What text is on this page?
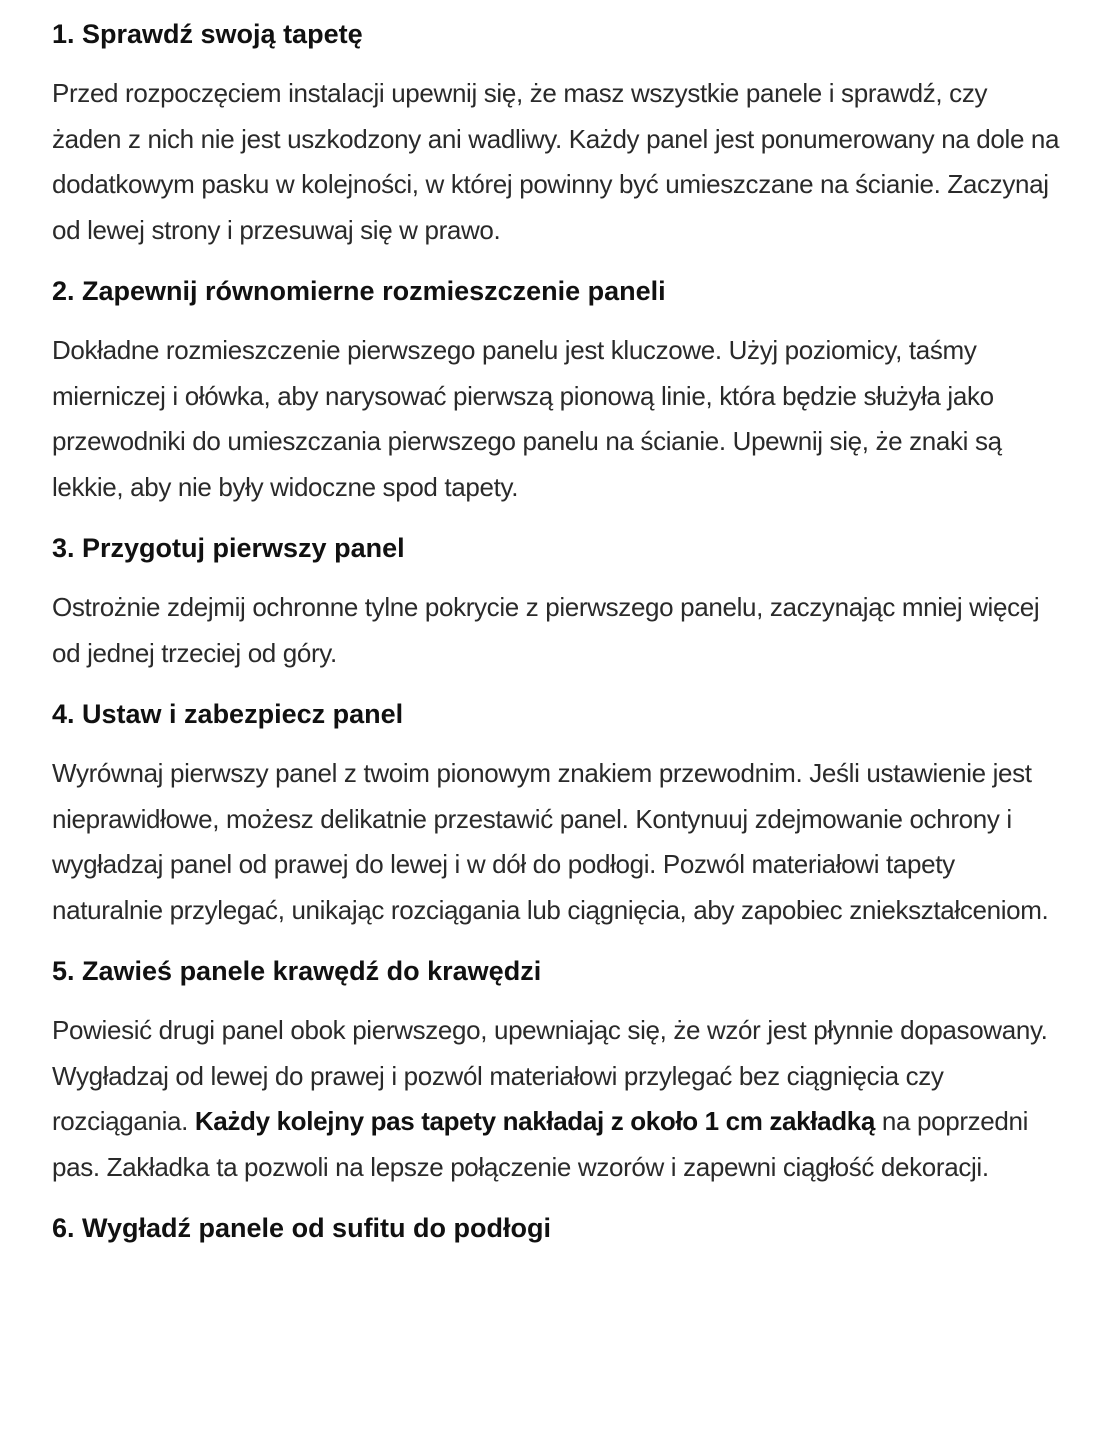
1. Sprawdź swoją tapetę

Przed rozpoczęciem instalacji upewnij się, że masz wszystkie panele i sprawdź, czy żaden z nich nie jest uszkodzony ani wadliwy. Każdy panel jest ponumerowany na dole na dodatkowym pasku w kolejności, w której powinny być umieszczane na ścianie. Zaczynaj od lewej strony i przesuwaj się w prawo.

2. Zapewnij równomierne rozmieszczenie paneli

Dokładne rozmieszczenie pierwszego panelu jest kluczowe. Użyj poziomicy, taśmy mierniczej i ołówka, aby narysować pierwszą pionową linie, która będzie służyła jako przewodniki do umieszczania pierwszego panelu na ścianie. Upewnij się, że znaki są lekkie, aby nie były widoczne spod tapety.

3. Przygotuj pierwszy panel

Ostrożnie zdejmij ochronne tylne pokrycie z pierwszego panelu, zaczynając mniej więcej od jednej trzeciej od góry.

4. Ustaw i zabezpiecz panel

Wyrównaj pierwszy panel z twoim pionowym znakiem przewodnim. Jeśli ustawienie jest nieprawidłowe, możesz delikatnie przestawić panel. Kontynuuj zdejmowanie ochrony i wygładzaj panel od prawej do lewej i w dół do podłogi. Pozwól materiałowi tapety naturalnie przylegać, unikając rozciągania lub ciągnięcia, aby zapobiec zniekształceniom.

5. Zawieś panele krawędź do krawędzi

Powiesić drugi panel obok pierwszego, upewniając się, że wzór jest płynnie dopasowany. Wygładzaj od lewej do prawej i pozwól materiałowi przylegać bez ciągnięcia czy rozciągania. Każdy kolejny pas tapety nakładaj z około 1 cm zakładką na poprzedni pas. Zakładka ta pozwoli na lepsze połączenie wzorów i zapewni ciągłość dekoracji.

6. Wygładź panele od sufitu do podłogi
